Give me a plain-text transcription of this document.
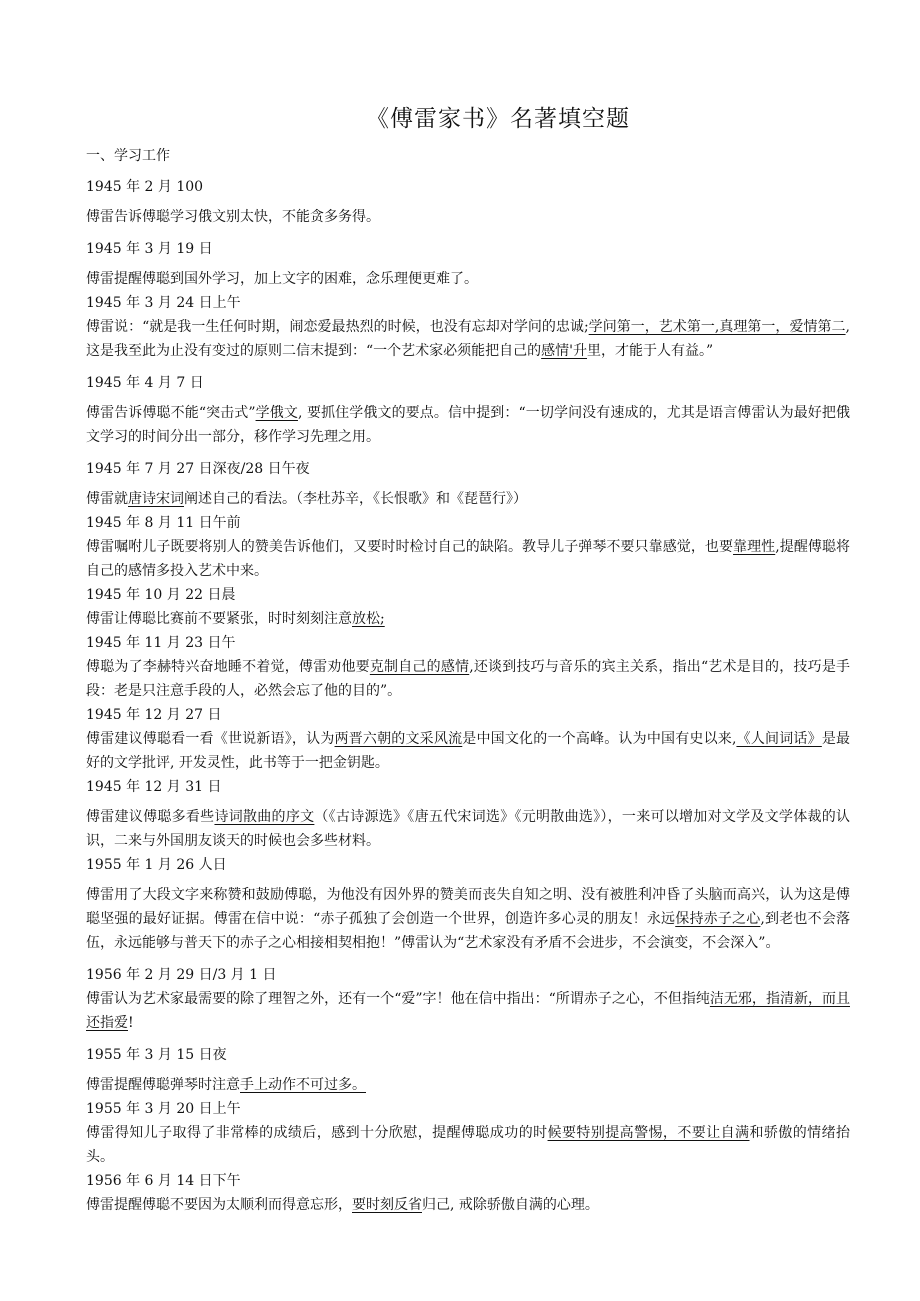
《傅雷家书》名著填空题
一、学习工作
1945 年 2 月 100
傅雷告诉傅聪学习俄文别太快，不能贪多务得。
1945 年 3 月 19 日
傅雷提醒傅聪到国外学习，加上文字的困难，念乐理便更难了。
1945 年 3 月 24 日上午
傅雷说：“就是我一生任何时期，闹恋爱最热烈的时候，也没有忘却对学问的忠诚;学问第一，艺术第一,真理第一，爱情第二,这是我至此为止没有变过的原则二信末提到：“一个艺术家必须能把自己的感情'升里，才能于人有益。”
1945 年 4 月 7 日
傅雷告诉傅聪不能“突击式”学俄文, 要抓住学俄文的要点。信中提到：“一切学问没有速成的，尤其是语言傅雷认为最好把俄文学习的时间分出一部分，移作学习先理之用。
1945 年 7 月 27 日深夜/28 日午夜
傅雷就唐诗宋词阐述自己的看法。（李杜苏辛，《长恨歌》和《琵琶行》）
1945 年 8 月 11 日午前
傅雷嘱咐儿子既要将别人的赞美告诉他们，又要时时检讨自己的缺陷。教导儿子弹琴不要只靠感觉，也要靠理性,提醒傅聪将自己的感情多投入艺术中来。
1945 年 10 月 22 日晨
傅雷让傅聪比赛前不要紧张，时时刻刻注意放松;
1945 年 11 月 23 日午
傅聪为了李赫特兴奋地睡不着觉，傅雷劝他要克制自己的感情,还谈到技巧与音乐的宾主关系，指出“艺术是目的，技巧是手段：老是只注意手段的人，必然会忘了他的目的”。
1945 年 12 月 27 日
傅雷建议傅聪看一看《世说新语》，认为两晋六朝的文采风流是中国文化的一个高峰。认为中国有史以来,《人间词话》是最好的文学批评, 开发灵性，此书等于一把金钥匙。
1945 年 12 月 31 日
傅雷建议傅聪多看些诗词散曲的序文（《古诗源选》《唐五代宋词选》《元明散曲选》），一来可以增加对文学及文学体裁的认识，二来与外国朋友谈天的时候也会多些材料。
1955 年 1 月 26 人日
傅雷用了大段文字来称赞和鼓励傅聪，为他没有因外界的赞美而丧失自知之明、没有被胜利冲昏了头脑而高兴，认为这是傅聪坚强的最好证据。傅雷在信中说：“赤子孤独了会创造一个世界，创造许多心灵的朋友！永远保持赤子之心,到老也不会落伍，永远能够与普天下的赤子之心相接相契相抱！”傅雷认为“艺术家没有矛盾不会进步，不会演变，不会深入”。
1956 年 2 月 29 日/3 月 1 日
傅雷认为艺术家最需要的除了理智之外，还有一个“爱”字！他在信中指出：“所谓赤子之心，不但指纯洁无邪，指清新，而且还指爱!
1955 年 3 月 15 日夜
傅雷提醒傅聪弹琴时注意手上动作不可过多。
1955 年 3 月 20 日上午
傅雷得知儿子取得了非常棒的成绩后，感到十分欣慰，提醒傅聪成功的时候要特别提高警惕，不要让自满和骄傲的情绪抬头。
1956 年 6 月 14 日下午
傅雷提醒傅聪不要因为太顺利而得意忘形，要时刻反省归己, 戒除骄傲自满的心理。
